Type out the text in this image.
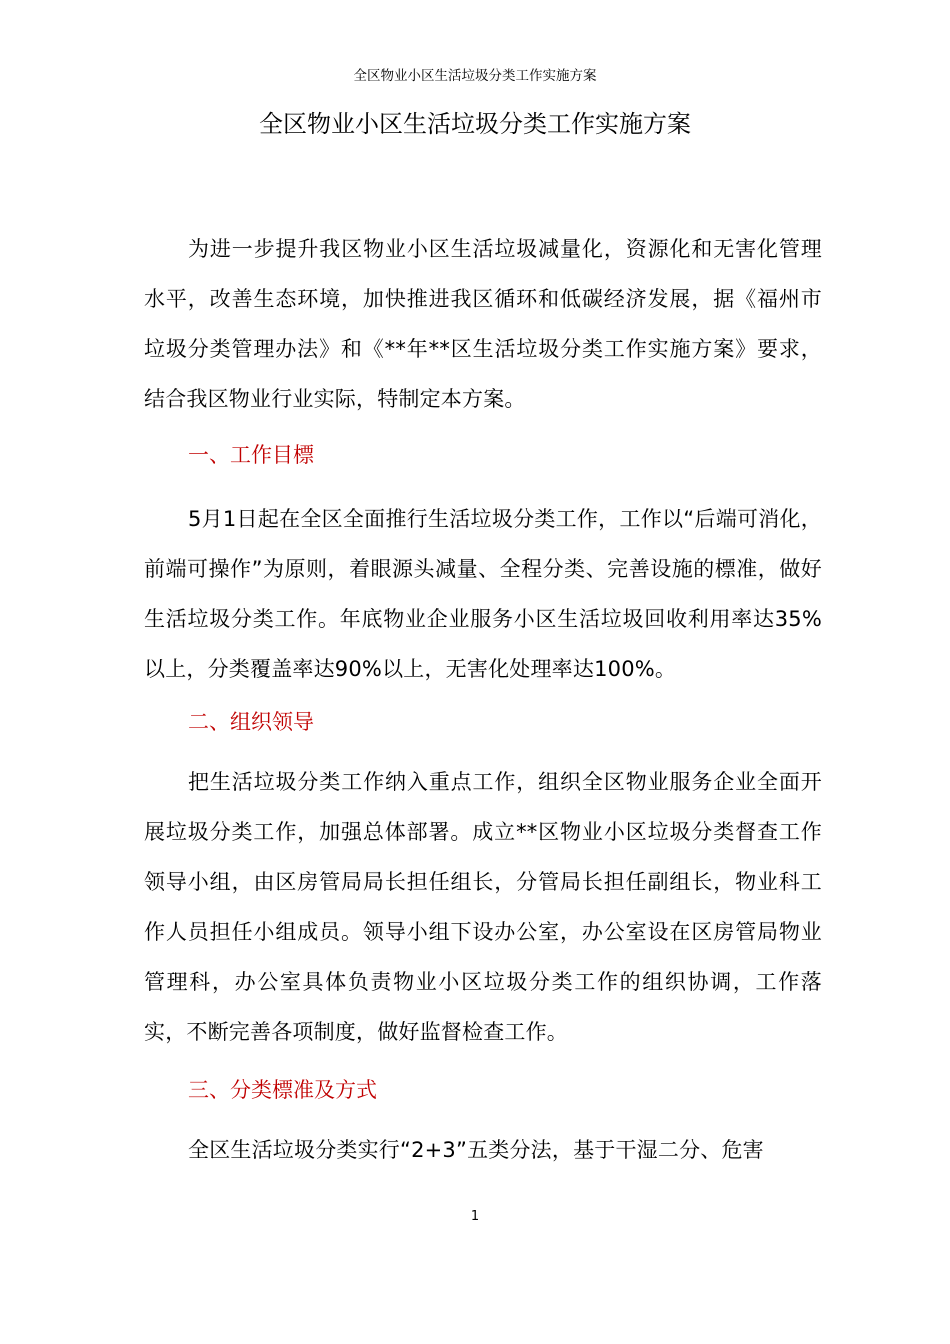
全区物业小区生活垃圾分类工作实施方案
全区物业小区生活垃圾分类工作实施方案

为进一步提升我区物业小区生活垃圾减量化，资源化和无害化管理水平，改善生态环境，加快推进我区循环和低碳经济发展，据《福州市垃圾分类管理办法》和《**年**区生活垃圾分类工作实施方案》要求，结合我区物业行业实际，特制定本方案。

一、工作目標

5月1日起在全区全面推行生活垃圾分类工作，工作以“后端可消化，前端可操作”为原则，着眼源头减量、全程分类、完善设施的標准，做好生活垃圾分类工作。年底物业企业服务小区生活垃圾回收利用率达35%以上，分类覆盖率达90%以上，无害化处理率达100%。

二、组织领导

把生活垃圾分类工作纳入重点工作，组织全区物业服务企业全面开展垃圾分类工作，加强总体部署。成立**区物业小区垃圾分类督查工作领导小组，由区房管局局长担任组长，分管局长担任副组长，物业科工作人员担任小组成员。领导小组下设办公室，办公室设在区房管局物业管理科，办公室具体负责物业小区垃圾分类工作的组织协调，工作落实，不断完善各项制度，做好监督检查工作。

三、分类標准及方式

全区生活垃圾分类实行“2+3”五类分法，基于干湿二分、危害

1
